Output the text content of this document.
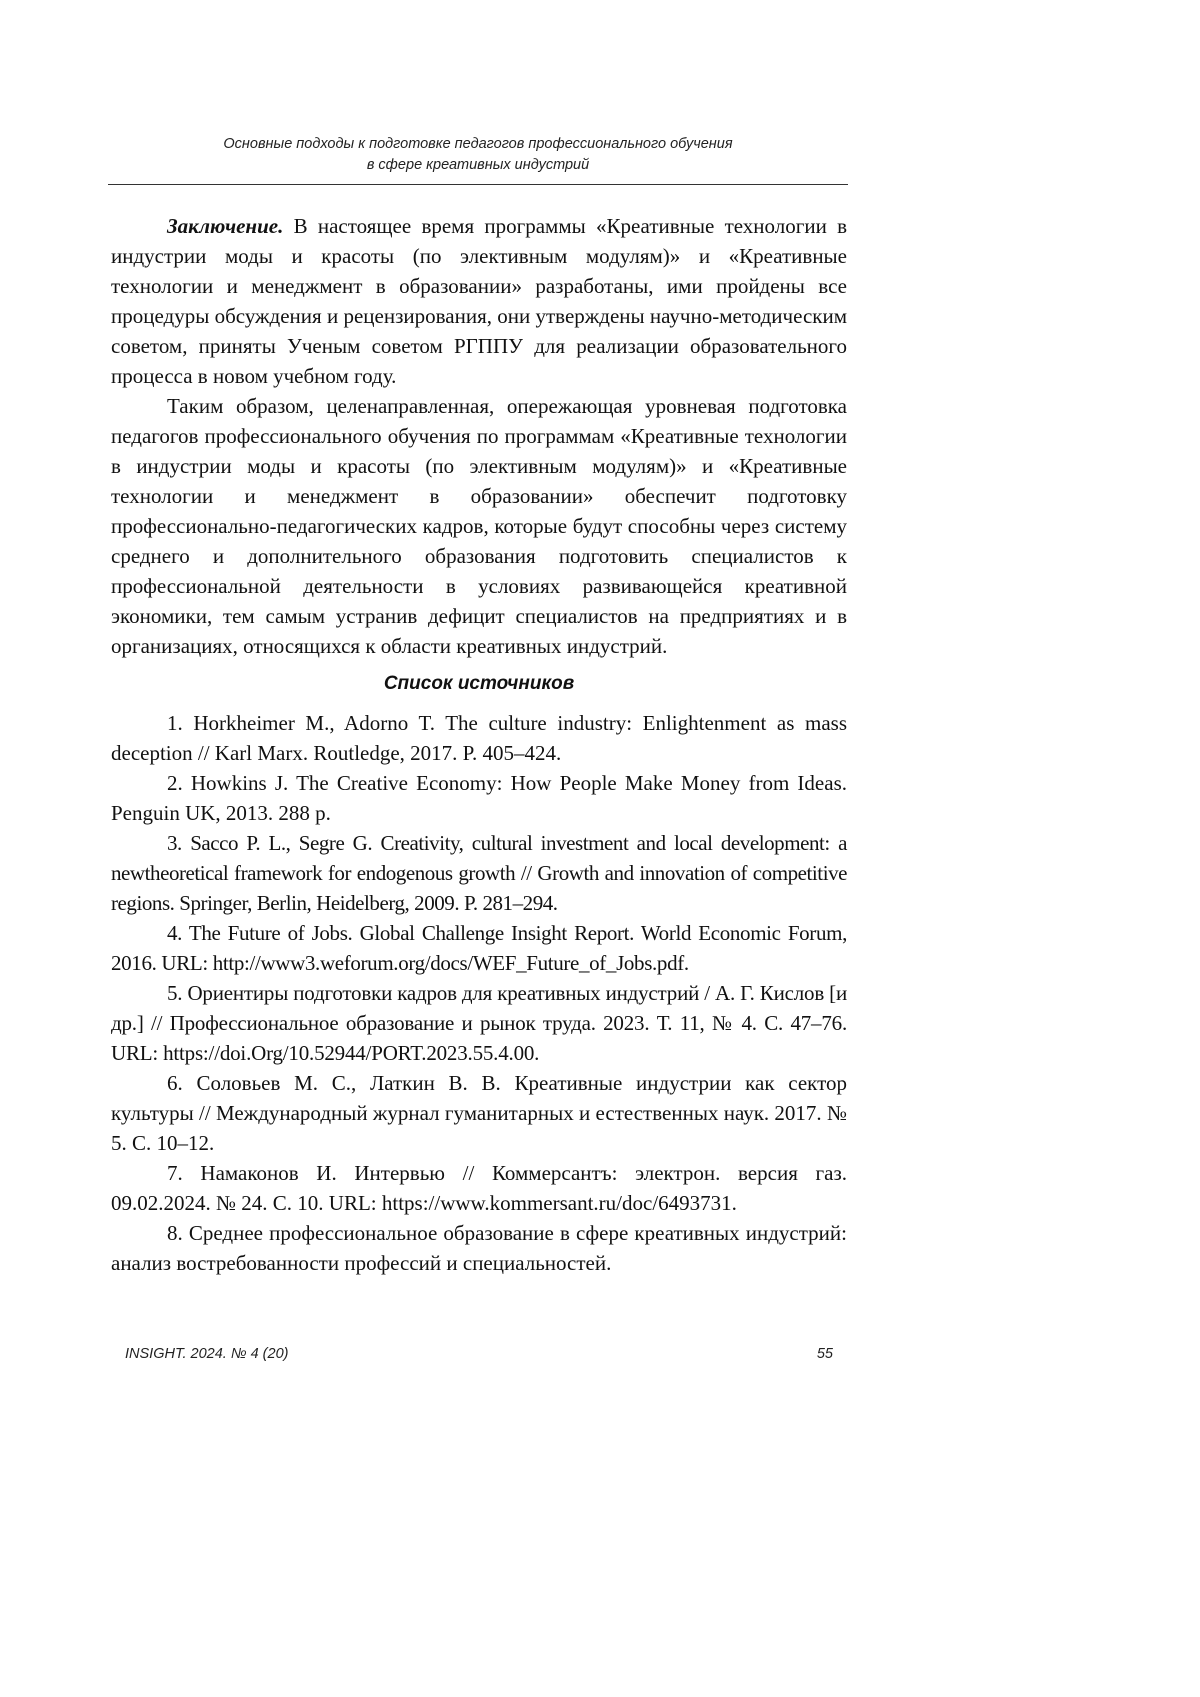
Основные подходы к подготовке педагогов профессионального обучения
в сфере креативных индустрий

Заключение. В настоящее время программы «Креативные технологии в индустрии моды и красоты (по элективным модулям)» и «Креативные технологии и менеджмент в образовании» разработаны, ими пройдены все процедуры обсуждения и рецензирования, они утверждены научно-методическим советом, приняты Ученым советом РГППУ для реализации образовательного процесса в новом учебном году.

Таким образом, целенаправленная, опережающая уровневая подготовка педагогов профессионального обучения по программам «Креативные технологии в индустрии моды и красоты (по элективным модулям)» и «Креативные технологии и менеджмент в образовании» обеспечит подготовку профессионально-педагогических кадров, которые будут способны через систему среднего и дополнительного образования подготовить специалистов к профессиональной деятельности в условиях развивающейся креативной экономики, тем самым устранив дефицит специалистов на предприятиях и в организациях, относящихся к области креативных индустрий.

Список источников

1. Horkheimer M., Adorno T. The culture industry: Enlightenment as mass deception // Karl Marx. Routledge, 2017. P. 405–424.

2. Howkins J. The Creative Economy: How People Make Money from Ideas. Penguin UK, 2013. 288 p.

3. Sacco P. L., Segre G. Creativity, cultural investment and local development: a newtheoretical framework for endogenous growth // Growth and innovation of competitive regions. Springer, Berlin, Heidelberg, 2009. P. 281–294.

4. The Future of Jobs. Global Challenge Insight Report. World Economic Forum, 2016. URL: http://www3.weforum.org/docs/WEF_Future_of_Jobs.pdf.

5. Ориентиры подготовки кадров для креативных индустрий / А. Г. Кислов [и др.] // Профессиональное образование и рынок труда. 2023. Т. 11, № 4. С. 47–76. URL: https://doi.Org/10.52944/PORT.2023.55.4.00.

6. Соловьев М. С., Латкин В. В. Креативные индустрии как сектор культуры // Международный журнал гуманитарных и естественных наук. 2017. № 5. С. 10–12.

7. Намаконов И. Интервью // Коммерсантъ: электрон. версия газ. 09.02.2024. № 24. С. 10. URL: https://www.kommersant.ru/doc/6493731.

8. Среднее профессиональное образование в сфере креативных индустрий: анализ востребованности профессий и специальностей.

INSIGHT. 2024. № 4 (20)	55
